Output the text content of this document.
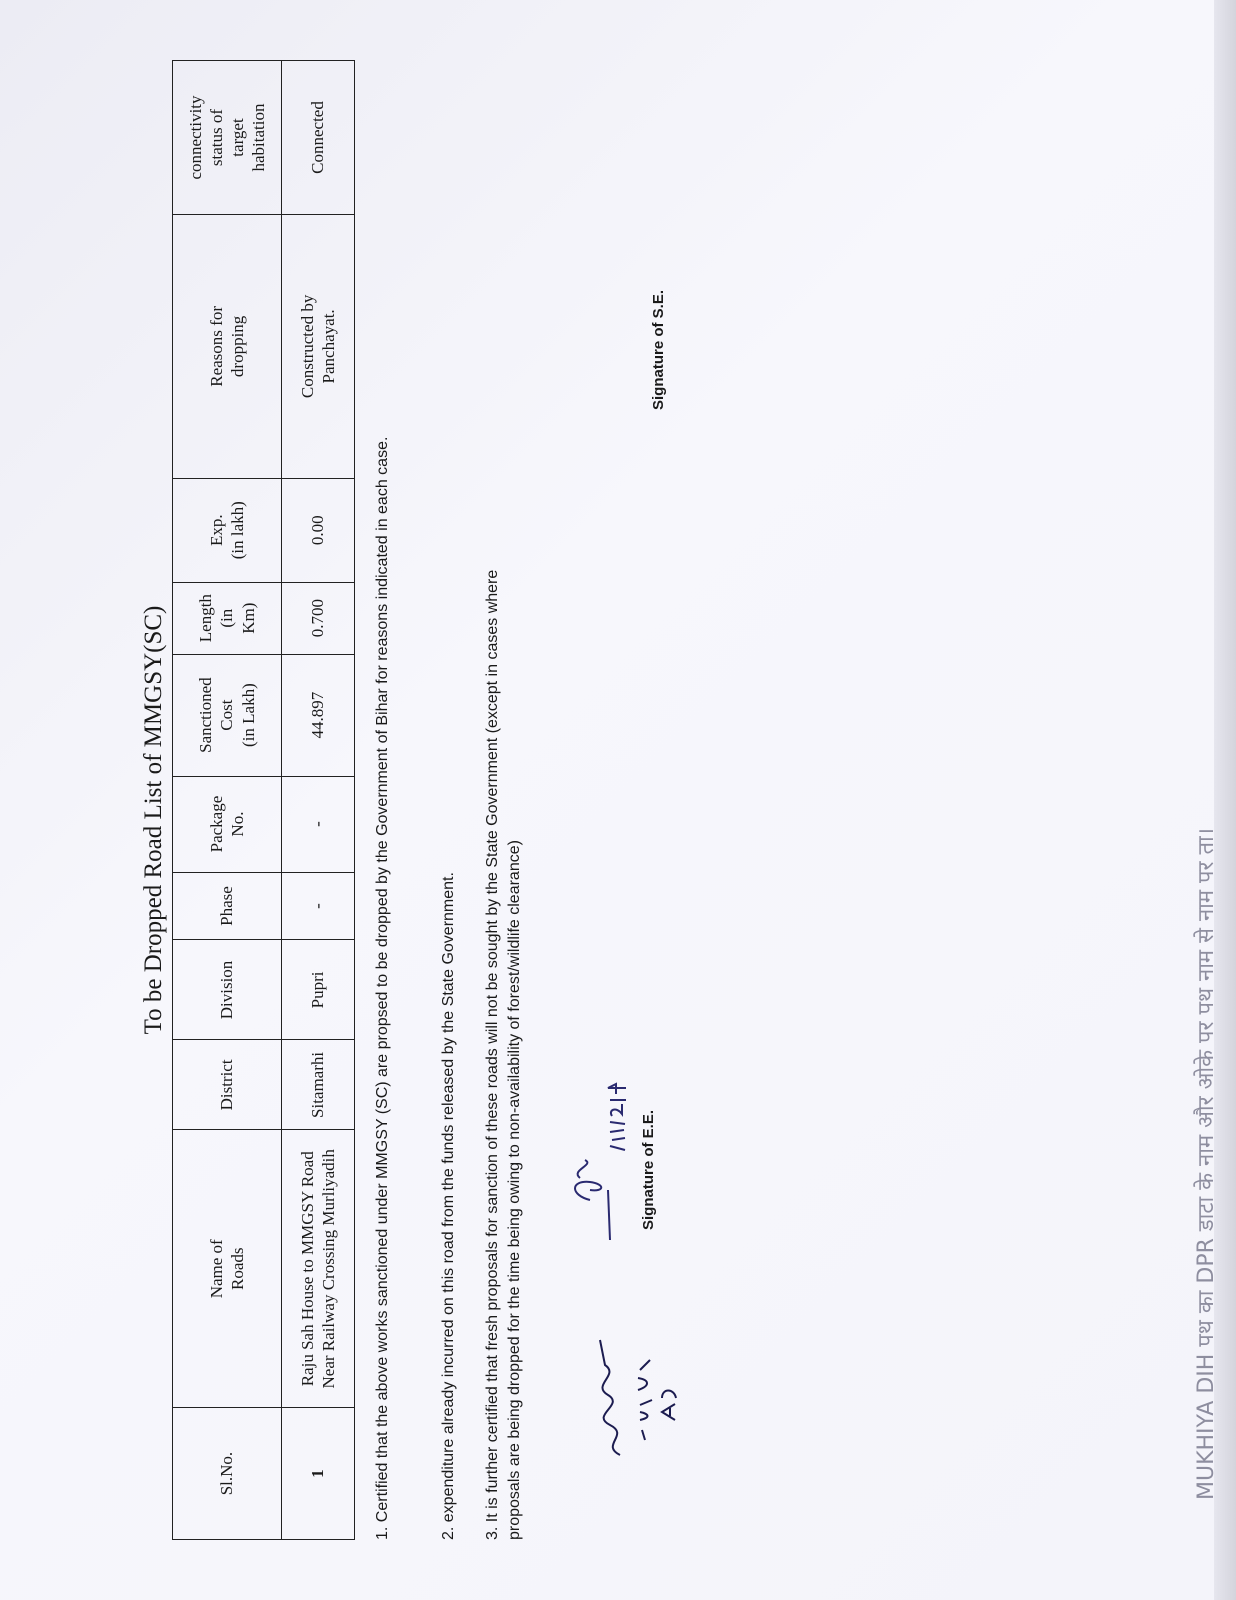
MUKHIYA DIH पथ का DPR डाटा के नाम और ओके पर पथ नाम से नाम पर ता।
To be Dropped Road List of MMGSY(SC)
Sl.No.	Name of Roads	District	Division	Phase	Package No.	Sanctioned Cost (in Lakh)	Length (in Km)	Exp. (in lakh)	Reasons for dropping	connectivity status of target habitation
1	Raju Sah House to MMGSY Road Near Railway Crossing Murliyadih	Sitamarhi	Pupri	-	-	44.897	0.700	0.00	Constructed by Panchayat.	Connected
1. Certified that the above works sanctioned under MMGSY (SC) are propsed to be dropped by the Government of Bihar for reasons indicated in each case.	2. expenditure already incurred on this road from the funds released by the State Government. 3. It is further certified that fresh proposals for sanction of these roads will not be sought by the State Government (except in cases where proposals are being dropped for the time being owing to non-availability of forest/wildlife clearance)	Signature of E.E.
Signature of S.E.
